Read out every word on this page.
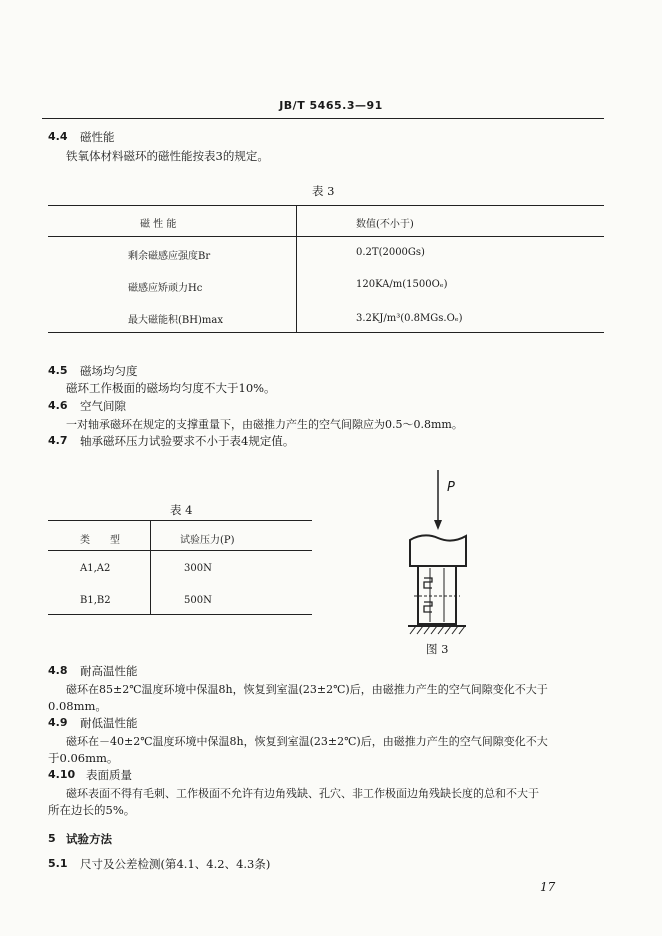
JB/T 5465.3—91
4.4 磁性能
铁氧体材料磁环的磁性能按表3的规定。
表 3
磁 性 能	数值(不小于)
剩余磁感应强度Br	0.2T(2000Gs)
磁感应矫顽力Hc	120KA/m(1500Oₑ)
最大磁能积(BH)max	3.2KJ/m³(0.8MGs.Oₑ)
4.5 磁场均匀度
磁环工作极面的磁场均匀度不大于10%。
4.6 空气间隙
一对轴承磁环在规定的支撑重量下，由磁推力产生的空气间隙应为0.5～0.8mm。
4.7 轴承磁环压力试验要求不小于表4规定值。
表 4
类　　型	试验压力(P)
A1,A2	300N
B1,B2	500N
P
图 3
4.8 耐高温性能
磁环在85±2℃温度环境中保温8h，恢复到室温(23±2℃)后，由磁推力产生的空气间隙变化不大于
0.08mm。
4.9 耐低温性能
磁环在－40±2℃温度环境中保温8h，恢复到室温(23±2℃)后，由磁推力产生的空气间隙变化不大
于0.06mm。
4.10 表面质量
磁环表面不得有毛刺、工作极面不允许有边角残缺、孔穴、非工作极面边角残缺长度的总和不大于
所在边长的5%。
5 试验方法
5.1 尺寸及公差检测(第4.1、4.2、4.3条)
17
